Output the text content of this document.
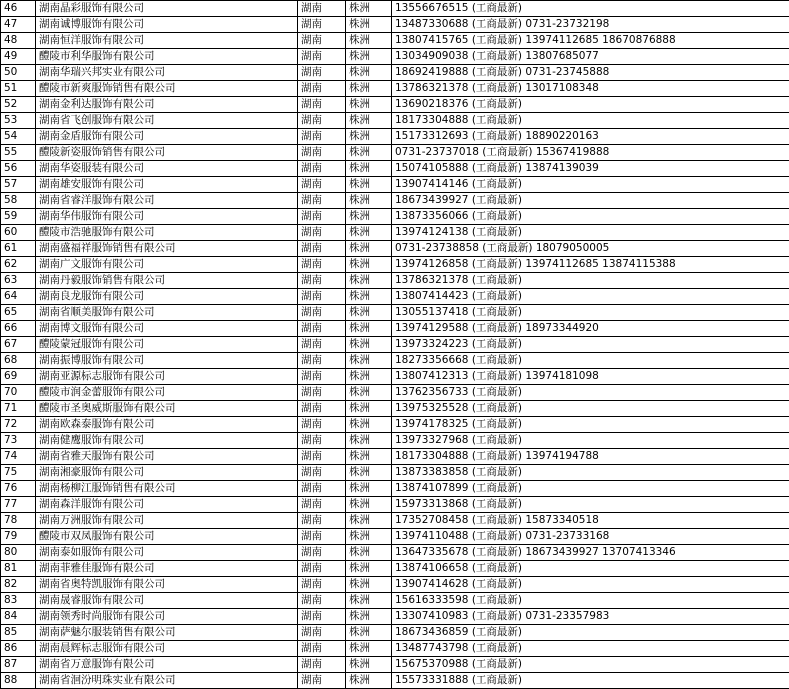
46	湖南晶彩服饰有限公司	湖南	株洲	13556676515 (工商最新)
47	湖南诚博服饰有限公司	湖南	株洲	13487330688 (工商最新) 0731-23732198
48	湖南恒洋服饰有限公司	湖南	株洲	13807415765 (工商最新) 13974112685 18670876888
49	醴陵市利华服饰有限公司	湖南	株洲	13034909038 (工商最新) 13807685077
50	湖南华瑞兴邦实业有限公司	湖南	株洲	18692419888 (工商最新) 0731-23745888
51	醴陵市新爽服饰销售有限公司	湖南	株洲	13786321378 (工商最新) 13017108348
52	湖南金利达服饰有限公司	湖南	株洲	13690218376 (工商最新)
53	湖南省飞创服饰有限公司	湖南	株洲	18173304888 (工商最新)
54	湖南金盾服饰有限公司	湖南	株洲	15173312693 (工商最新) 18890220163
55	醴陵新姿服饰销售有限公司	湖南	株洲	0731-23737018 (工商最新) 15367419888
56	湖南华姿服装有限公司	湖南	株洲	15074105888 (工商最新) 13874139039
57	湖南雄安服饰有限公司	湖南	株洲	13907414146 (工商最新)
58	湖南省睿洋服饰有限公司	湖南	株洲	18673439927 (工商最新)
59	湖南华伟服饰有限公司	湖南	株洲	13873356066 (工商最新)
60	醴陵市浩驰服饰有限公司	湖南	株洲	13974124138 (工商最新)
61	湖南盛福祥服饰销售有限公司	湖南	株洲	0731-23738858 (工商最新) 18079050005
62	湖南广文服饰有限公司	湖南	株洲	13974126858 (工商最新) 13974112685 13874115388
63	湖南丹毅服饰销售有限公司	湖南	株洲	13786321378 (工商最新)
64	湖南良龙服饰有限公司	湖南	株洲	13807414423 (工商最新)
65	湖南省顺美服饰有限公司	湖南	株洲	13055137418 (工商最新)
66	湖南博文服饰有限公司	湖南	株洲	13974129588 (工商最新) 18973344920
67	醴陵蒙冠服饰有限公司	湖南	株洲	13973324223 (工商最新)
68	湖南振博服饰有限公司	湖南	株洲	18273356668 (工商最新)
69	湖南亚源标志服饰有限公司	湖南	株洲	13807412313 (工商最新) 13974181098
70	醴陵市润金蕾服饰有限公司	湖南	株洲	13762356733 (工商最新)
71	醴陵市圣奥威斯服饰有限公司	湖南	株洲	13975325528 (工商最新)
72	湖南欧森泰服饰有限公司	湖南	株洲	13974178325 (工商最新)
73	湖南健鹰服饰有限公司	湖南	株洲	13973327968 (工商最新)
74	湖南省雅天服饰有限公司	湖南	株洲	18173304888 (工商最新) 13974194788
75	湖南湘豪服饰有限公司	湖南	株洲	13873383858 (工商最新)
76	湖南杨柳江服饰销售有限公司	湖南	株洲	13874107899 (工商最新)
77	湖南森洋服饰有限公司	湖南	株洲	15973313868 (工商最新)
78	湖南万洲服饰有限公司	湖南	株洲	17352708458 (工商最新) 15873340518
79	醴陵市双凤服饰有限公司	湖南	株洲	13974110488 (工商最新) 0731-23733168
80	湖南泰如服饰有限公司	湖南	株洲	13647335678 (工商最新) 18673439927 13707413346
81	湖南菲雅佳服饰有限公司	湖南	株洲	13874106658 (工商最新)
82	湖南省奥特凯服饰有限公司	湖南	株洲	13907414628 (工商最新)
83	湖南晟睿服饰有限公司	湖南	株洲	15616333598 (工商最新)
84	湖南领秀时尚服饰有限公司	湖南	株洲	13307410983 (工商最新) 0731-23357983
85	湖南萨魅尔服装销售有限公司	湖南	株洲	18673436859 (工商最新)
86	湖南晨辉标志服饰有限公司	湖南	株洲	13487743798 (工商最新)
87	湖南省万意服饰有限公司	湖南	株洲	15675370988 (工商最新)
88	湖南省洄汾明珠实业有限公司	湖南	株洲	15573331888 (工商最新)
